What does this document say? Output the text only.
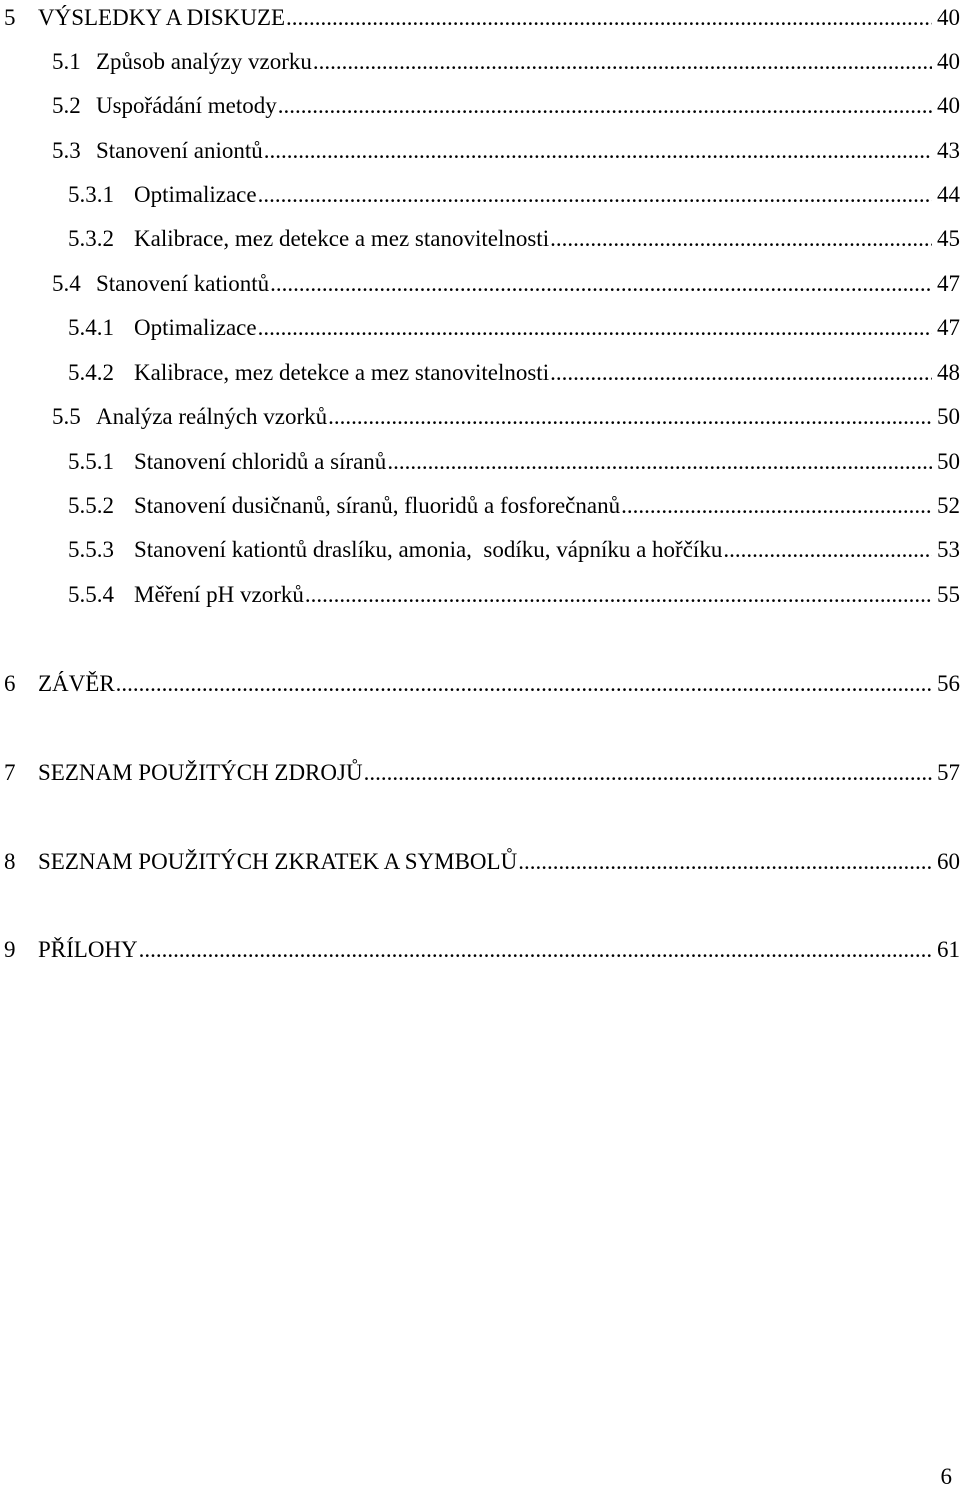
5 VÝSLEDKY A DISKUZE .....	40
5.1 Způsob analýzy vzorku .....	40
5.2 Uspořádání metody .....	40
5.3 Stanovení aniontů .....	43
5.3.1 Optimalizace .....	44
5.3.2 Kalibrace, mez detekce a mez stanovitelnosti .....	45
5.4 Stanovení kationtů .....	47
5.4.1 Optimalizace .....	47
5.4.2 Kalibrace, mez detekce a mez stanovitelnosti .....	48
5.5 Analýza reálných vzorků .....	50
5.5.1 Stanovení chloridů a síranů .....	50
5.5.2 Stanovení dusičnanů, síranů, fluoridů a fosforečnanů .....	52
5.5.3 Stanovení kationtů draslíku, amonia,  sodíku, vápníku a hořčíku .....	53
5.5.4 Měření pH vzorků .....	55
6 ZÁVĚR .....	56
7 SEZNAM POUŽITÝCH ZDROJŮ .....	57
8 SEZNAM POUŽITÝCH ZKRATEK A SYMBOLŮ .....	60
9 PŘÍLOHY .....	61
6
